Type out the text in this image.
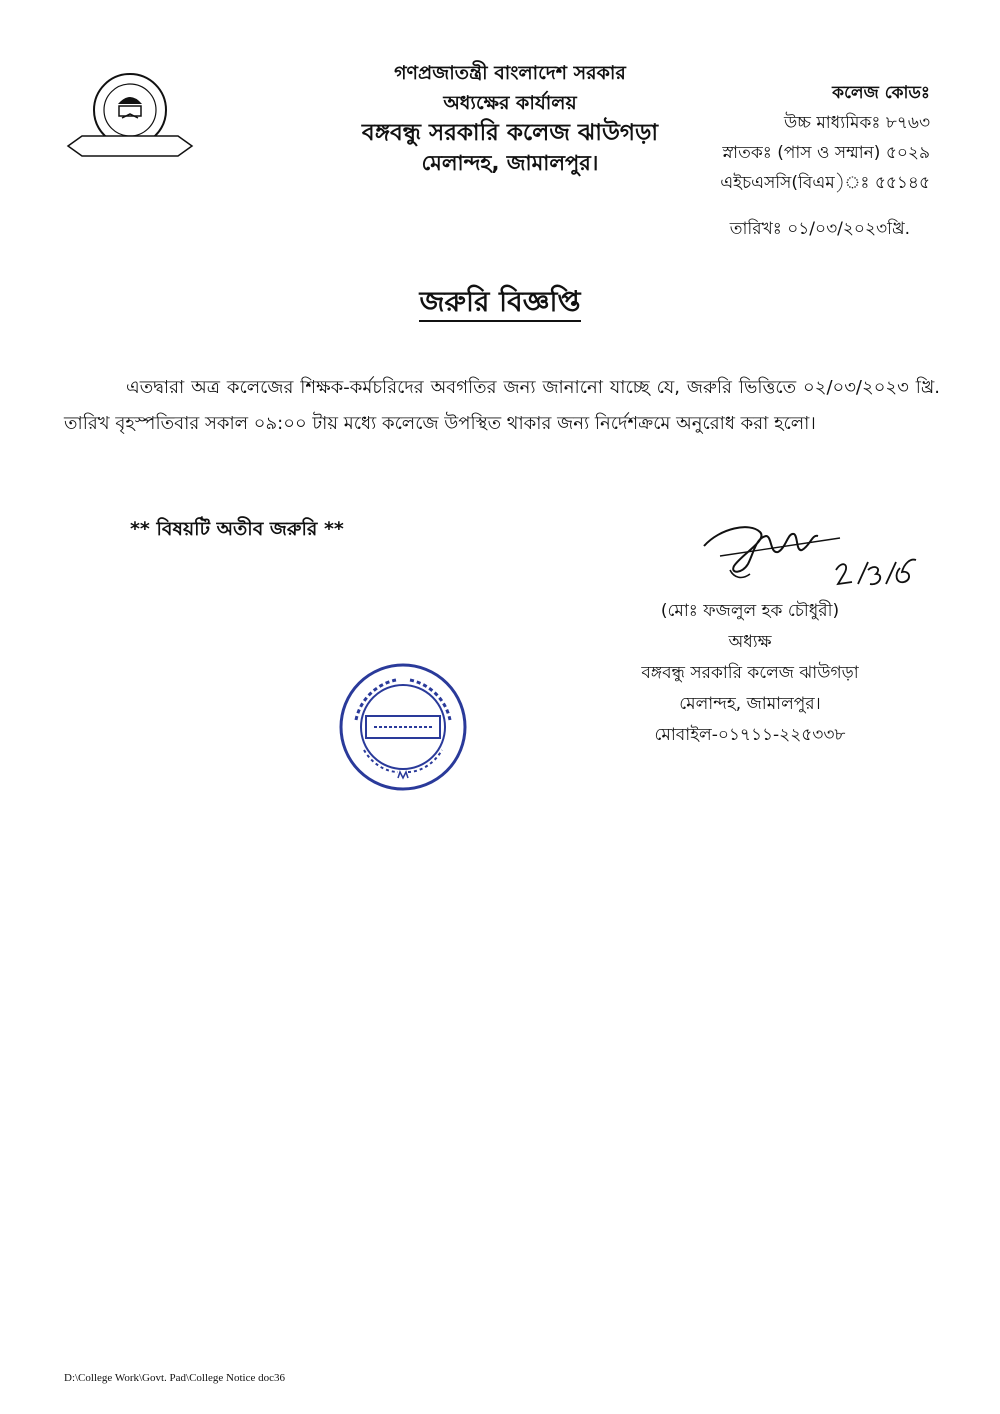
গণপ্রজাতন্ত্রী বাংলাদেশ সরকার
অধ্যক্ষের কার্যালয়
বঙ্গবন্ধু সরকারি কলেজ ঝাউগড়া
মেলান্দহ, জামালপুর।
কলেজ কোডঃ
উচ্চ মাধ্যমিকঃ ৮৭৬৩
স্নাতকঃ (পাস ও সম্মান) ৫০২৯
এইচএসসি(বিএম)ঃ ৫৫১৪৫
তারিখঃ ০১/০৩/২০২৩খ্রি.
জরুরি বিজ্ঞপ্তি
এতদ্বারা অত্র কলেজের শিক্ষক-কর্মচরিদের অবগতির জন্য জানানো যাচ্ছে যে, জরুরি ভিত্তিতে ০২/০৩/২০২৩ খ্রি. তারিখ বৃহস্পতিবার সকাল ০৯:০০ টায় মধ্যে কলেজে উপস্থিত থাকার জন্য নির্দেশক্রমে অনুরোধ করা হলো।
** বিষয়টি অতীব জরুরি **
(মোঃ ফজলুল হক চৌধুরী)
অধ্যক্ষ
বঙ্গবন্ধু সরকারি কলেজ ঝাউগড়া
মেলান্দহ, জামালপুর।
মোবাইল-০১৭১১-২২৫৩৩৮
D:\College Work\Govt. Pad\College Notice doc36
